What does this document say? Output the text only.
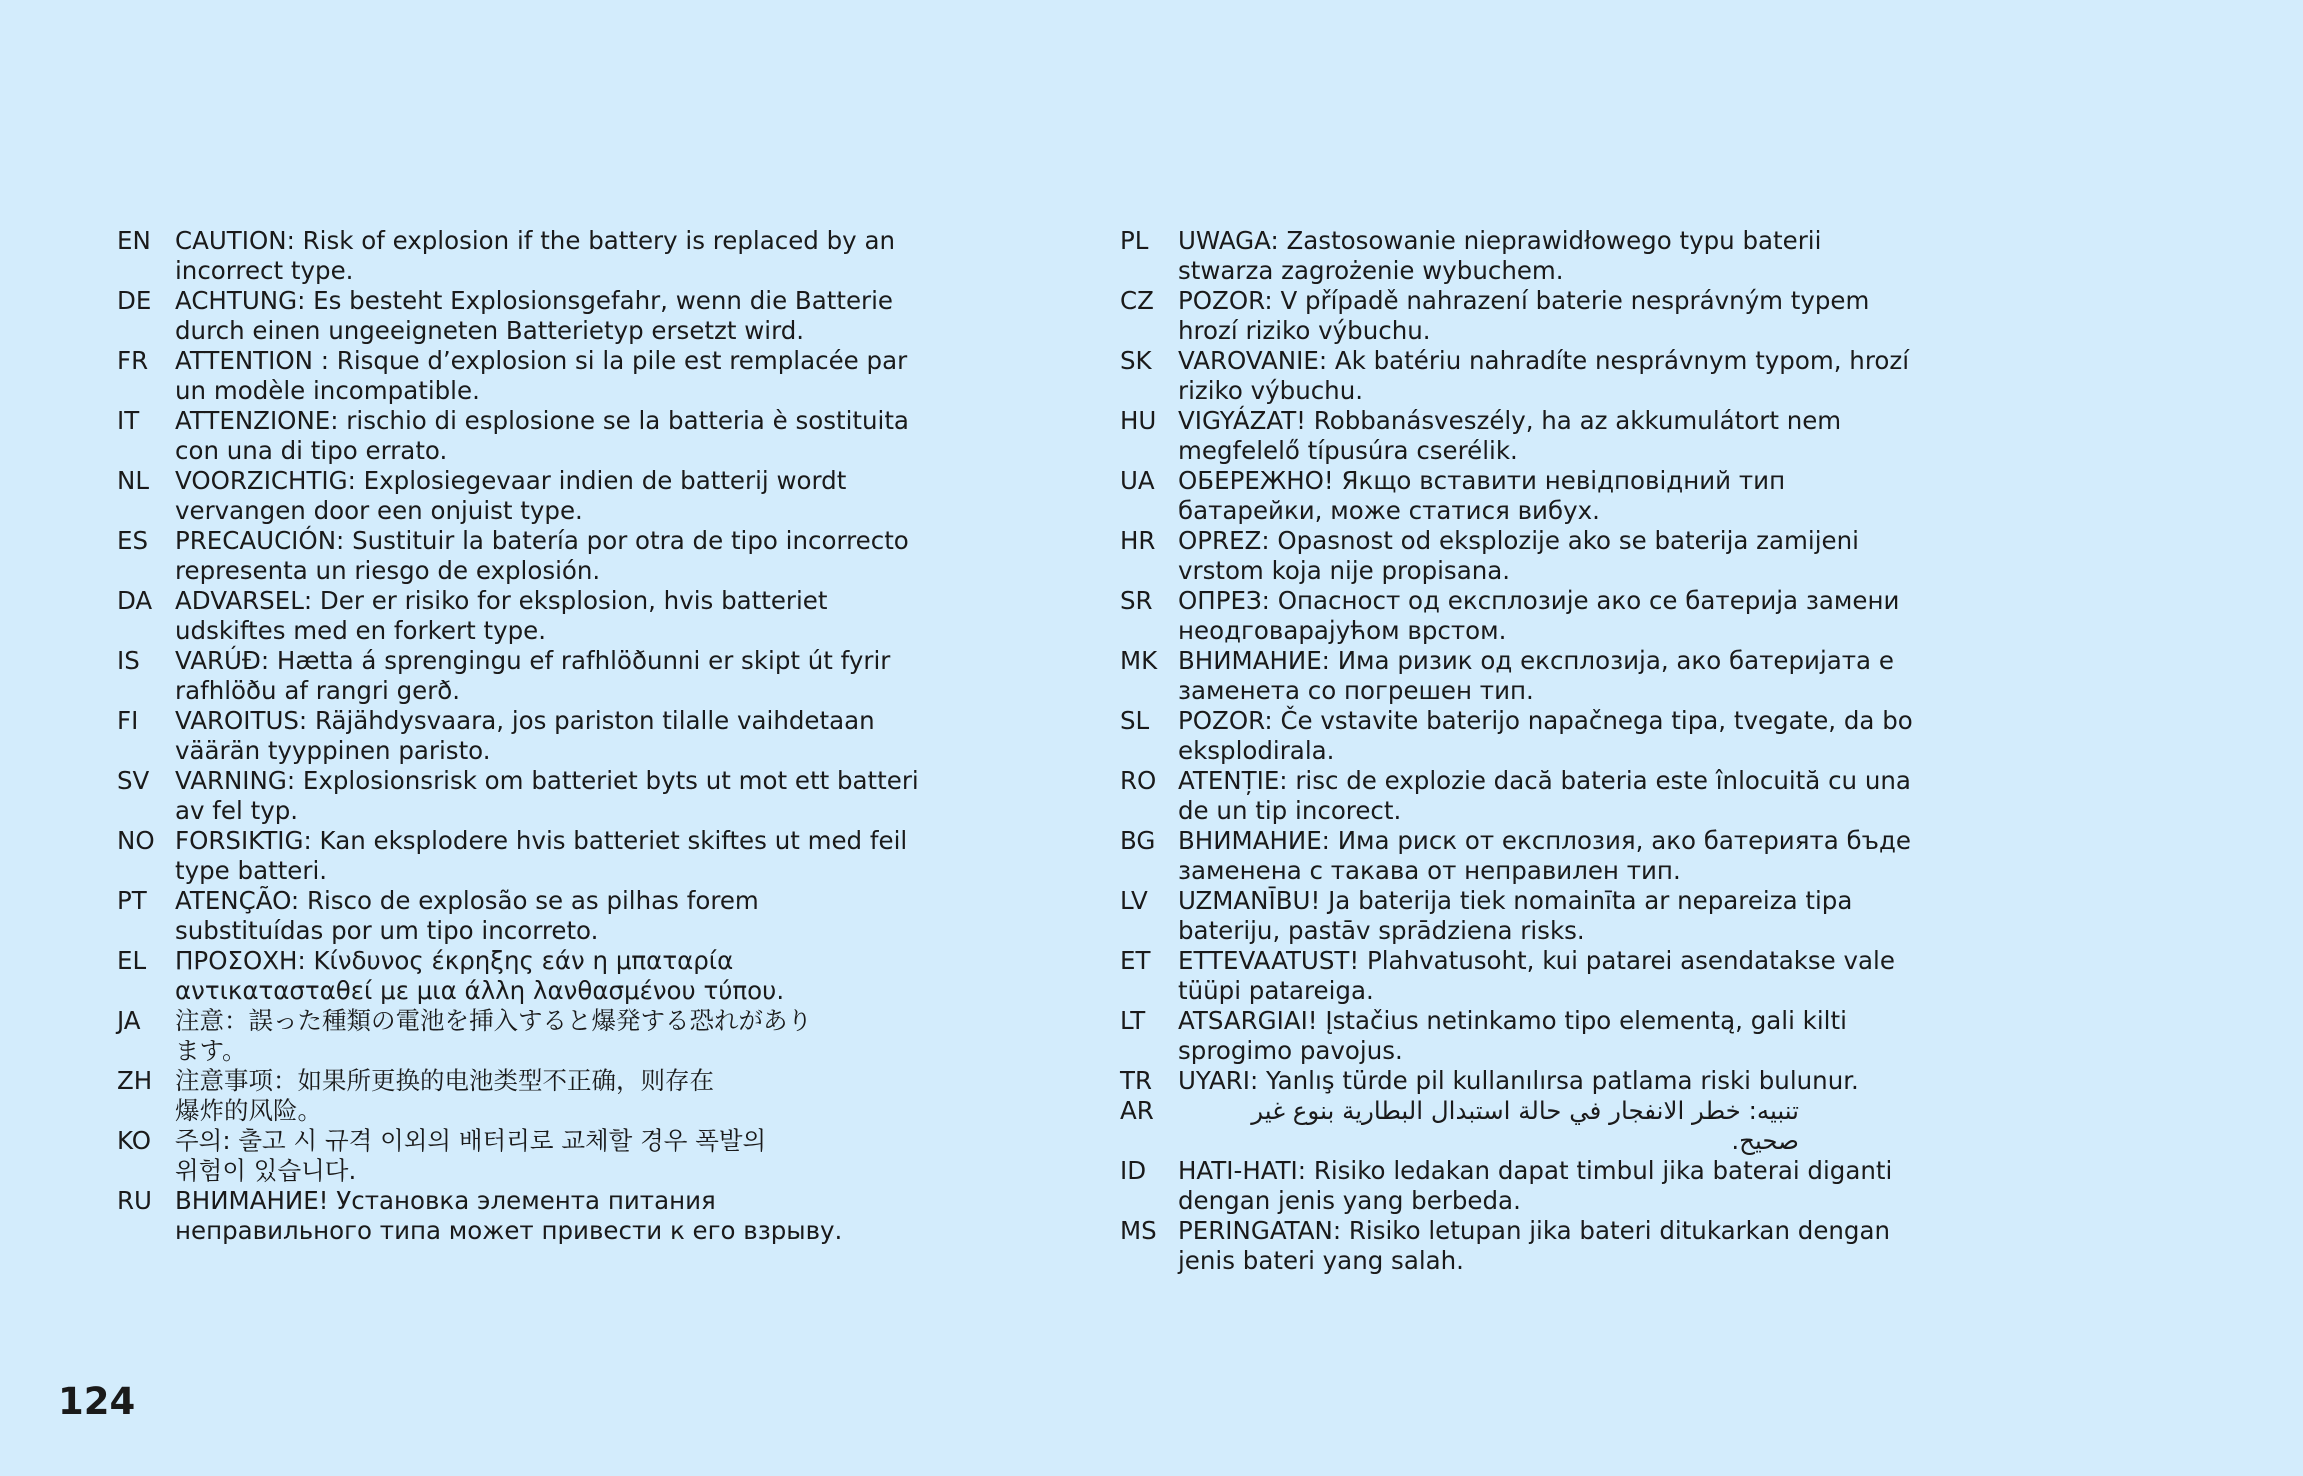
EN CAUTION: Risk of explosion if the battery is replaced by an
incorrect type.
DE ACHTUNG: Es besteht Explosionsgefahr, wenn die Batterie
durch einen ungeeigneten Batterietyp ersetzt wird.
FR	ATTENTION : Risque d’explosion si la pile est remplacée par
un modèle incompatible.
IT	ATTENZIONE: rischio di esplosione se la batteria è sostituita
con una di tipo errato.
NL	VOORZICHTIG: Explosiegevaar indien de batterij wordt
vervangen door een onjuist type.
ES	PRECAUCIÓN: Sustituir la batería por otra de tipo incorrecto
representa un riesgo de explosión.
DA ADVARSEL: Der er risiko for eksplosion, hvis batteriet
udskiftes med en forkert type.
IS	VARÚÐ: Hætta á sprengingu ef rafhlöðunni er skipt út fyrir
rafhlöðu af rangri gerð.
FI	VAROITUS: Räjähdysvaara, jos pariston tilalle vaihdetaan
väärän tyyppinen paristo.
SV	VARNING: Explosionsrisk om batteriet byts ut mot ett batteri
av fel typ.
NO FORSIKTIG: Kan eksplodere hvis batteriet skiftes ut med feil
type batteri.
PT	ATENÇÃO: Risco de explosão se as pilhas forem
substituídas por um tipo incorreto.
EL	ΠΡΟΣΟΧΗ: Κίνδυνος έκρηξης εάν η μπαταρία
αντικατασταθεί με μια άλλη λανθασμένου τύπου.
JA	注意：誤った種類の電池を挿入すると爆発する恐れがあり
ます。
ZH 注意事项：如果所更换的电池类型不正确，则存在
爆炸的风险。
KO 주의: 출고 시 규격 이외의 배터리로 교체할 경우 폭발의
위험이 있습니다.
RU ВНИМАНИЕ! Установка элемента питания
неправильного типа может привести к его взрыву.
PL	UWAGA: Zastosowanie nieprawidłowego typu baterii
stwarza zagrożenie wybuchem.
CZ POZOR: V případě nahrazení baterie nesprávným typem
hrozí riziko výbuchu.
SK	VAROVANIE: Ak batériu nahradíte nesprávnym typom, hrozí
riziko výbuchu.
HU VIGYÁZAT! Robbanásveszély, ha az akkumulátort nem
megfelelő típusúra cserélik.
UA ОБЕРЕЖНО! Якщо вставити невідповідний тип
батарейки, може статися вибух.
HR OPREZ: Opasnost od eksplozije ako se baterija zamijeni
vrstom koja nije propisana.
SR	ОПРЕЗ: Опасност од експлозије ако се батерија замени
неодговарајућом врстом.
MK ВНИМАНИЕ: Има ризик од експлозија, ако батеријата е
заменета со погрешен тип.
SL	POZOR: Če vstavite baterijo napačnega tipa, tvegate, da bo
eksplodirala.
RO ATENȚIE: risc de explozie dacă bateria este înlocuită cu una
de un tip incorect.
BG ВНИМАНИЕ: Има риск от експлозия, ако батерията бъде
заменена с такава от неправилен тип.
LV	UZMANĪBU! Ja baterija tiek nomainīta ar nepareiza tipa
bateriju, pastāv sprādziena risks.
ET	ETTEVAATUST! Plahvatusoht, kui patarei asendatakse vale
tüüpi patareiga.
LT	ATSARGIAI! Įstačius netinkamo tipo elementą, gali kilti
sprogimo pavojus.
TR	UYARI: Yanlış türde pil kullanılırsa patlama riski bulunur.
AR	تنبيه: خطر الانفجار في حالة استبدال البطارية بنوع غير صحيح.
ID	HATI-HATI: Risiko ledakan dapat timbul jika baterai diganti
dengan jenis yang berbeda.
MS PERINGATAN: Risiko letupan jika bateri ditukarkan dengan
jenis bateri yang salah.
124
